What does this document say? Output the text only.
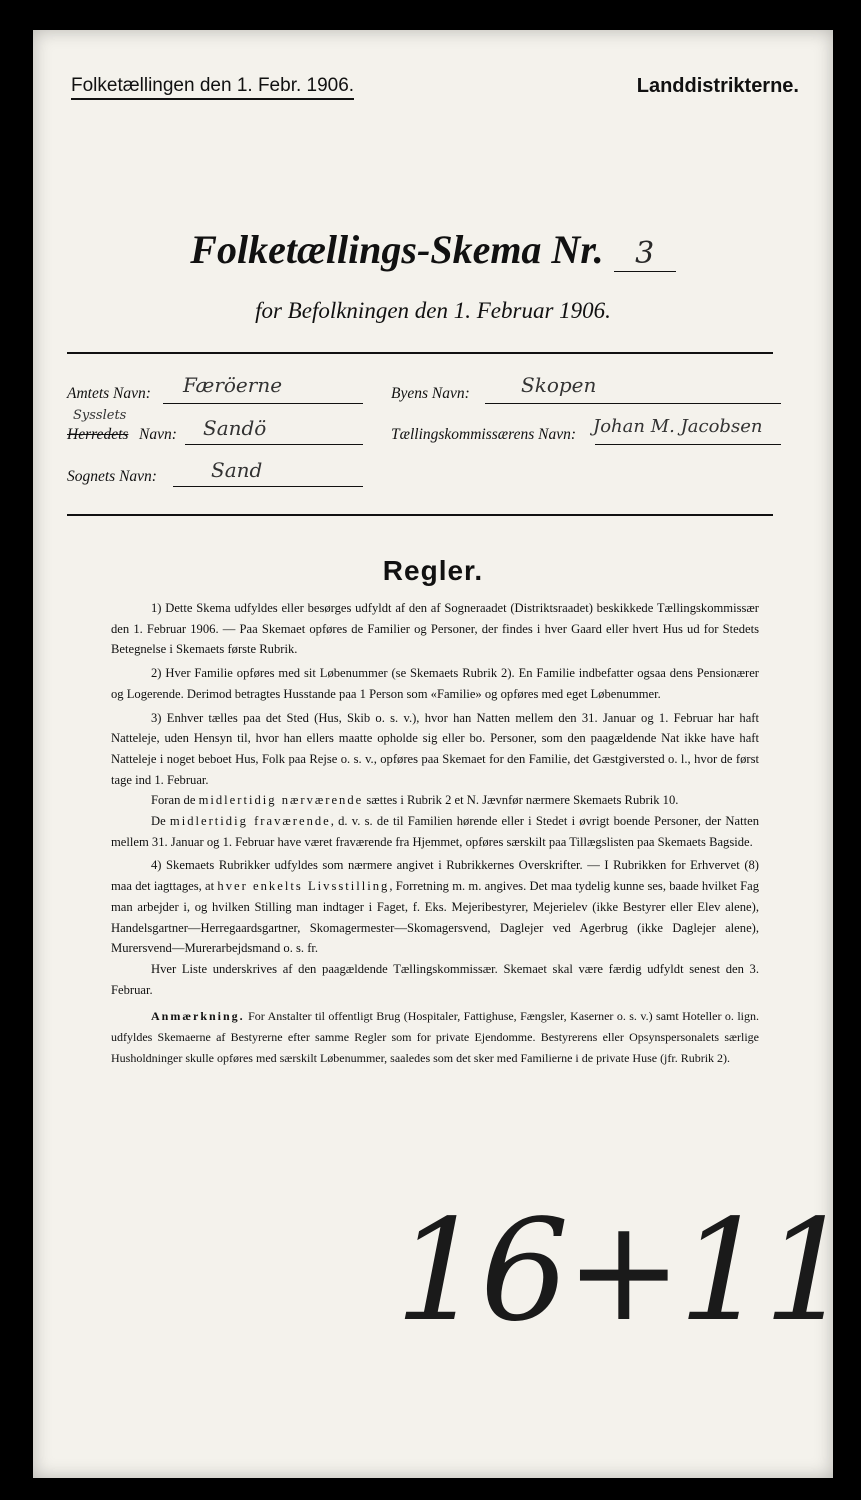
Folketællingen den 1. Febr. 1906.	Landdistrikterne.
Folketællings-Skema Nr. 3
for Befolkningen den 1. Februar 1906.
Amtets Navn: Færöerne	Byens Navn:	Skopen
Sysslets
Herredets Navn: Sandö	Tællingskommissærens Navn: Johan M. Jacobsen
Sognets Navn:	Sand
Regler.

1) Dette Skema udfyldes eller besørges udfyldt af den af Sogneraadet (Distriktsraadet) beskikkede Tællingskommissær den 1. Februar 1906. — Paa Skemaet opføres de Familier og Personer, der findes i hver Gaard eller hvert Hus ud for Stedets Betegnelse i Skemaets første Rubrik.

2) Hver Familie opføres med sit Løbenummer (se Skemaets Rubrik 2). En Familie indbefatter ogsaa dens Pensionærer og Logerende. Derimod betragtes Husstande paa 1 Person som «Familie» og opføres med eget Løbenummer.

3) Enhver tælles paa det Sted (Hus, Skib o. s. v.), hvor han Natten mellem den 31. Januar og 1. Februar har haft Natteleje, uden Hensyn til, hvor han ellers maatte opholde sig eller bo. Personer, som den paagældende Nat ikke have haft Natteleje i noget beboet Hus, Folk paa Rejse o. s. v., opføres paa Skemaet for den Familie, det Gæstgiversted o. l., hvor de først tage ind 1. Februar.

Foran de midlertidig nærværende sættes i Rubrik 2 et N. Jævnfør nærmere Skemaets Rubrik 10.

De midlertidig fraværende, d. v. s. de til Familien hørende eller i Stedet i øvrigt boende Personer, der Natten mellem 31. Januar og 1. Februar have været fraværende fra Hjemmet, opføres særskilt paa Tillægslisten paa Skemaets Bagside.

4) Skemaets Rubrikker udfyldes som nærmere angivet i Rubrikkernes Overskrifter. — I Rubrikken for Erhvervet (8) maa det iagttages, at hver enkelts Livsstilling, Forretning m. m. angives. Det maa tydelig kunne ses, baade hvilket Fag man arbejder i, og hvilken Stilling man indtager i Faget, f. Eks. Mejeribestyrer, Mejerielev (ikke Bestyrer eller Elev alene), Handelsgartner—Herregaardsgartner, Skomagermester—Skomagersvend, Daglejer ved Agerbrug (ikke Daglejer alene), Murersvend—Murerarbejdsmand o. s. fr.

Hver Liste underskrives af den paagældende Tællingskommissær. Skemaet skal være færdig udfyldt senest den 3. Februar.

Anmærkning. For Anstalter til offentligt Brug (Hospitaler, Fattighuse, Fængsler, Kaserner o. s. v.) samt Hoteller o. lign. udfyldes Skemaerne af Bestyrerne efter samme Regler som for private Ejendomme. Bestyrerens eller Opsynspersonalets særlige Husholdninger skulle opføres med særskilt Løbenummer, saaledes som det sker med Familierne i de private Huse (jfr. Rubrik 2).

16+11
